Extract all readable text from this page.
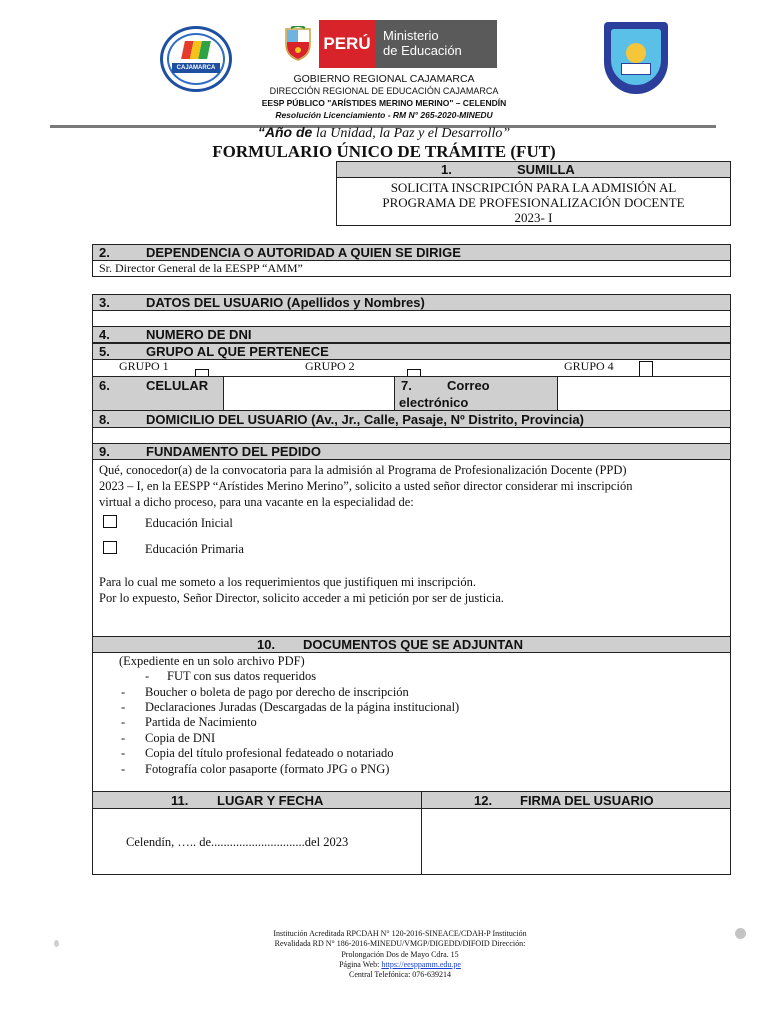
CAJAMARCA
PERÚ Ministerio
de Educación
GOBIERNO REGIONAL CAJAMARCA
DIRECCIÓN REGIONAL DE EDUCACIÓN CAJAMARCA
EESP PÚBLICO "ARÍSTIDES MERINO MERINO" – CELENDÍN
Resolución Licenciamiento - RM N° 265-2020-MINEDU
“Año de la Unidad, la Paz y el Desarrollo”
FORMULARIO ÚNICO DE TRÁMITE (FUT)
1.	SUMILLA
SOLICITA INSCRIPCIÓN PARA LA ADMISIÓN AL
PROGRAMA DE PROFESIONALIZACIÓN DOCENTE
2023- I
2.	DEPENDENCIA O AUTORIDAD A QUIEN SE DIRIGE
Sr. Director General de la EESPP “AMM”
3.	DATOS DEL USUARIO (Apellidos y Nombres)
4.	NUMERO DE DNI
5.	GRUPO AL QUE PERTENECE
GRUPO 1	GRUPO 2	GRUPO 4
6.	CELULAR	7.	Correo
electrónico
8.	DOMICILIO DEL USUARIO (Av., Jr., Calle, Pasaje, Nº Distrito, Provincia)
9.	FUNDAMENTO DEL PEDIDO
Qué, conocedor(a) de la convocatoria para la admisión al Programa de Profesionalización Docente (PPD)
2023 – I, en la EESPP “Arístides Merino Merino”, solicito a usted señor director considerar mi inscripción
virtual a dicho proceso, para una vacante en la especialidad de:
Educación Inicial
Educación Primaria
Para lo cual me someto a los requerimientos que justifiquen mi inscripción.
Por lo expuesto, Señor Director, solicito acceder a mi petición por ser de justicia.
10. DOCUMENTOS QUE SE ADJUNTAN
(Expediente en un solo archivo PDF)
- FUT con sus datos requeridos
- Boucher o boleta de pago por derecho de inscripción
- Declaraciones Juradas (Descargadas de la página institucional)
- Partida de Nacimiento
- Copia de DNI
- Copia del título profesional fedateado o notariado
- Fotografía color pasaporte (formato JPG o PNG)
11. LUGAR Y FECHA	12. FIRMA DEL USUARIO
Celendín, ….. de..............................del 2023
Institución Acreditada RPCDAH N° 120-2016-SINEACE/CDAH-P Institución
Revalidada RD N° 186-2016-MINEDU/VMGP/DIGEDD/DIFOID Dirección:
Prolongación Dos de Mayo Cdra. 15
Página Web: https://eesppamm.edu.pe
Central Telefónica: 076-639214
